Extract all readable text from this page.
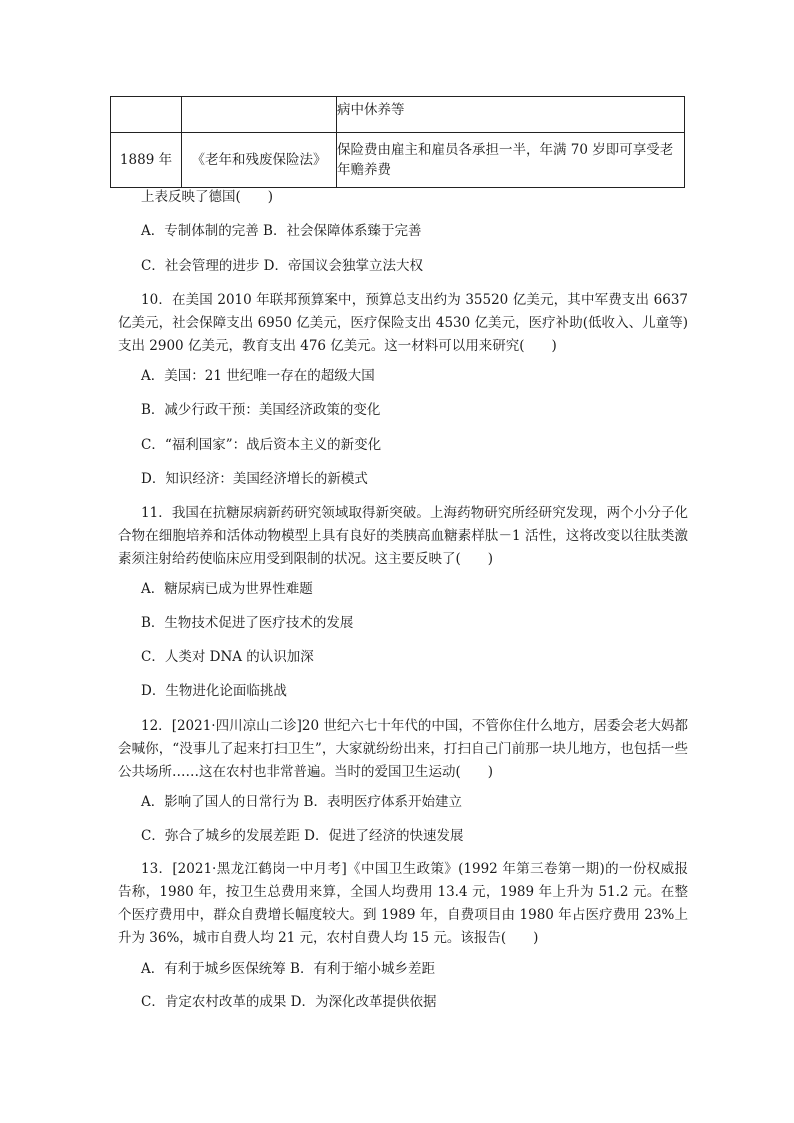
		病中休养等
1889 年	《老年和残废保险法》	保险费由雇主和雇员各承担一半，年满 70 岁即可享受老年赡养费
上表反映了德国(　　)
A．专制体制的完善 B．社会保障体系臻于完善
C．社会管理的进步 D．帝国议会独掌立法大权
10．在美国 2010 年联邦预算案中，预算总支出约为 35520 亿美元，其中军费支出 6637 亿美元，社会保障支出 6950 亿美元，医疗保险支出 4530 亿美元，医疗补助(低收入、儿童等)支出 2900 亿美元，教育支出 476 亿美元。这一材料可以用来研究(　　)
A．美国：21 世纪唯一存在的超级大国
B．减少行政干预：美国经济政策的变化
C．“福利国家”：战后资本主义的新变化
D．知识经济：美国经济增长的新模式
11．我国在抗糖尿病新药研究领域取得新突破。上海药物研究所经研究发现，两个小分子化合物在细胞培养和活体动物模型上具有良好的类胰高血糖素样肽－1 活性，这将改变以往肽类激素须注射给药使临床应用受到限制的状况。这主要反映了(　　)
A．糖尿病已成为世界性难题
B．生物技术促进了医疗技术的发展
C．人类对 DNA 的认识加深
D．生物进化论面临挑战
12．[2021·四川凉山二诊]20 世纪六七十年代的中国，不管你住什么地方，居委会老大妈都会喊你，“没事儿了起来打扫卫生”，大家就纷纷出来，打扫自己门前那一块儿地方，也包括一些公共场所……这在农村也非常普遍。当时的爱国卫生运动(　　)
A．影响了国人的日常行为 B．表明医疗体系开始建立
C．弥合了城乡的发展差距 D．促进了经济的快速发展
13．[2021·黑龙江鹤岗一中月考]《中国卫生政策》(1992 年第三卷第一期)的一份权威报告称，1980 年，按卫生总费用来算，全国人均费用 13.4 元，1989 年上升为 51.2 元。在整个医疗费用中，群众自费增长幅度较大。到 1989 年，自费项目由 1980 年占医疗费用 23%上升为 36%，城市自费人均 21 元，农村自费人均 15 元。该报告(　　)
A．有利于城乡医保统筹 B．有利于缩小城乡差距
C．肯定农村改革的成果 D．为深化改革提供依据
